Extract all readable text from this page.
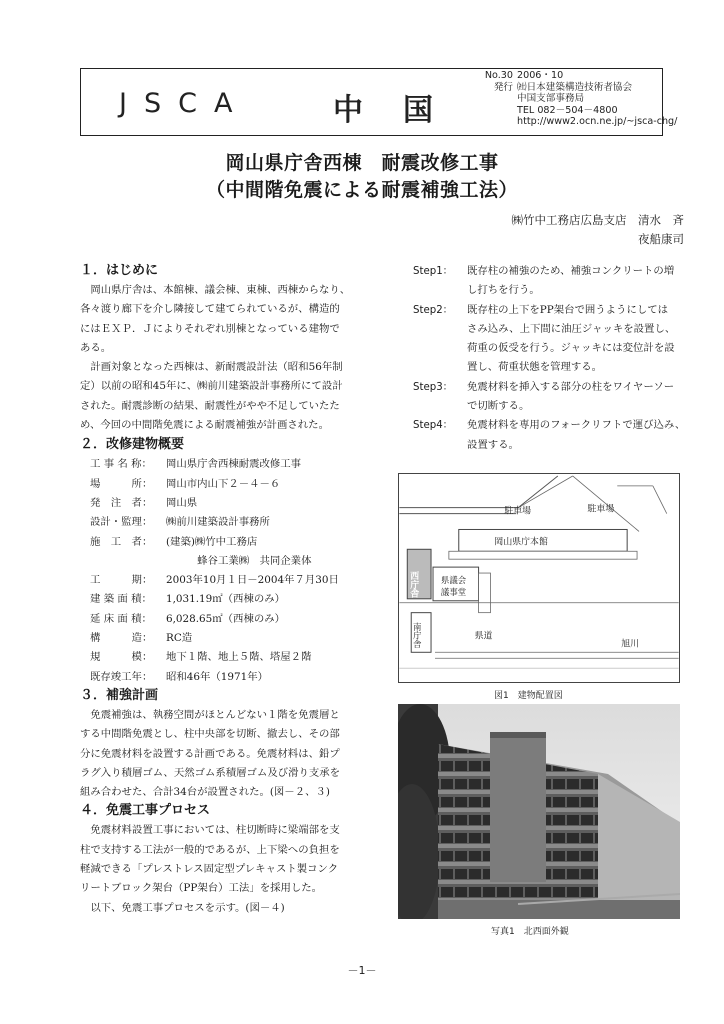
JSCA	中国
No.30 2006・10
発行 ㈳日本建築構造技術者協会
中国支部事務局
TEL 082－504－4800
http://www2.ocn.ne.jp/~jsca-chg/
岡山県庁舎西棟　耐震改修工事
（中間階免震による耐震補強工法）
㈱竹中工務店広島支店　清水　斉
夜船康司
１．はじめに
　岡山県庁舎は、本館棟、議会棟、東棟、西棟からなり、
各々渡り廊下を介し隣接して建てられているが、構造的
にはＥＸＰ．Ｊによりそれぞれ別棟となっている建物で
ある。
　計画対象となった西棟は、新耐震設計法（昭和56年制
定）以前の昭和45年に、㈱前川建築設計事務所にて設計
された。耐震診断の結果、耐震性がやや不足していたた
め、今回の中間階免震による耐震補強が計画された。
２．改修建物概要
工 事 名 称：	岡山県庁舎西棟耐震改修工事
場　　　所：	岡山市内山下２－４－６
発　注　者：	岡山県
設計・監理：	㈱前川建築設計事務所
施　工　者：	(建築)㈱竹中工務店
　　　蜂谷工業㈱　共同企業体
工　　　期：	2003年10月１日－2004年７月30日
建 築 面 積：	1,031.19㎡（西棟のみ）
延 床 面 積：	6,028.65㎡（西棟のみ）
構　　　造：	RC造
規　　　模：	地下１階、地上５階、塔屋２階
既存竣工年：	昭和46年（1971年）
３．補強計画
　免震補強は、執務空間がほとんどない１階を免震層と
する中間階免震とし、柱中央部を切断、撤去し、その部
分に免震材料を設置する計画である。免震材料は、鉛プ
ラグ入り積層ゴム、天然ゴム系積層ゴム及び滑り支承を
組み合わせた、合計34台が設置された。(図－２、３)
４．免震工事プロセス
　免震材料設置工事においては、柱切断時に梁端部を支
柱で支持する工法が一般的であるが、上下梁への負担を
軽減できる「プレストレス固定型プレキャスト製コンク
リートブロック架台（PP架台）工法」を採用した。
　以下、免震工事プロセスを示す。(図－４)
Step1：	既存柱の補強のため、補強コンクリートの増
し打ちを行う。
Step2：	既存柱の上下をPP架台で囲うようにしては
さみ込み、上下間に油圧ジャッキを設置し、
荷重の仮受を行う。ジャッキには変位計を設
置し、荷重状態を管理する。
Step3：	免震材料を挿入する部分の柱をワイヤーソー
で切断する。
Step4：	免震材料を専用のフォークリフトで運び込み、
設置する。
駐車場	駐車場
岡山県庁本館
西庁舎	県議会
議事堂
南庁舎	県道
旭川
図1　建物配置図
写真1　北西面外観
－1－
